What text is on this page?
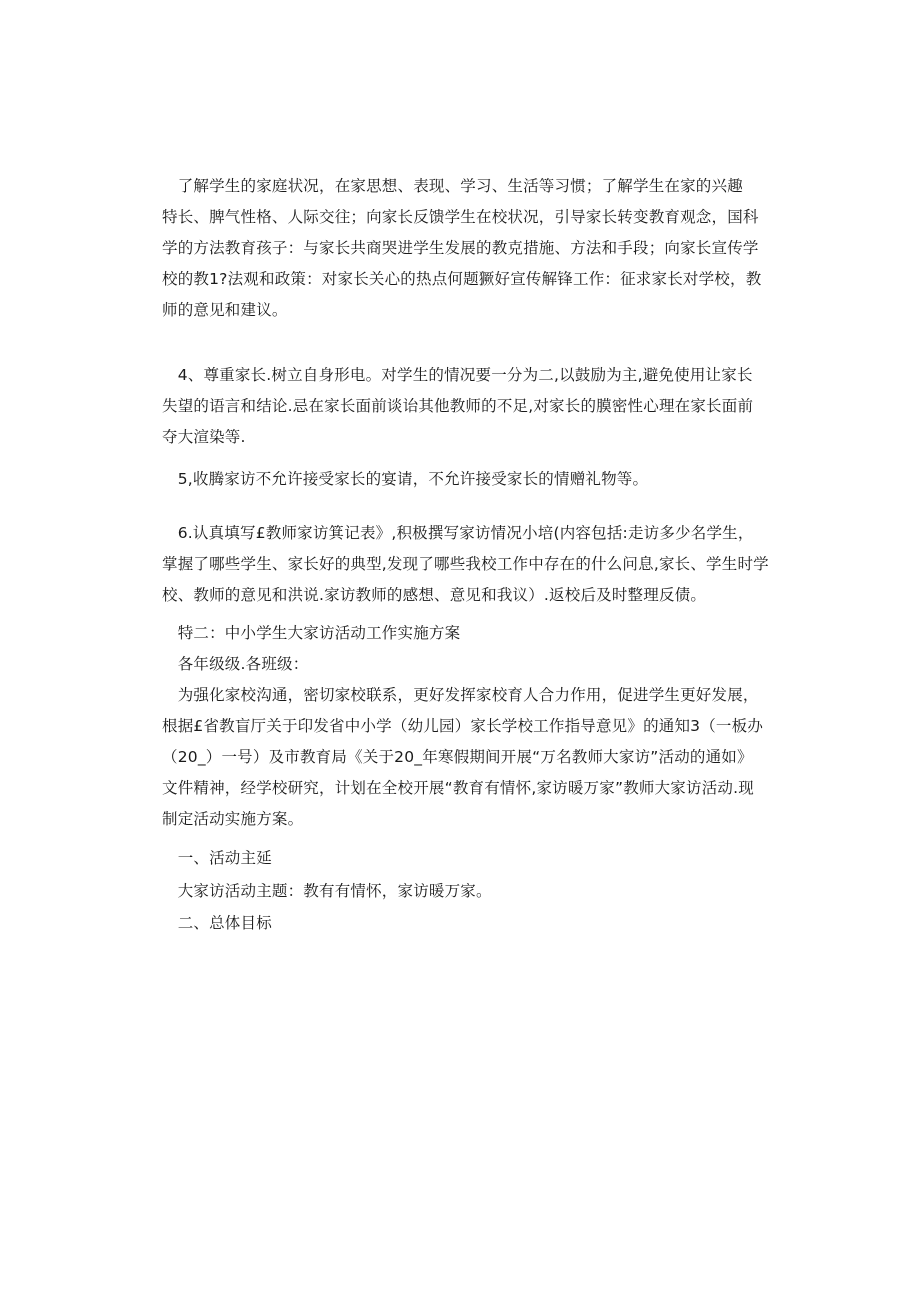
　了解学生的家庭状况，在家思想、表现、学习、生活等习惯；了解学生在家的兴趣
特长、脾气性格、人际交往；向家长反馈学生在校状况，引导家长转变教育观念，国科
学的方法教育孩子：与家长共商哭进学生发展的教克措施、方法和手段；向家长宣传学
校的教1?法观和政策：对家长关心的热点何题獗好宣传解锋工作：征求家长对学校，教
师的意见和建议。
　4、尊重家长.树立自身形电。对学生的情况要一分为二,以鼓励为主,避免使用让家长
失望的语言和结论.忌在家长面前谈诒其他教师的不足,对家长的膜密性心理在家长面前
夺大渲染等.
　5,收腾家访不允许接受家长的宴请，不允许接受家长的情赠礼物等。
　6.认真填写£教师家访箕记表》,积极撰写家访情况小培(内容包括:走访多少名学生，
掌握了哪些学生、家长好的典型,发现了哪些我校工作中存在的什么问息,家长、学生时学
校、教师的意见和洪说.家访教师的感想、意见和我议）.返校后及时整理反债。
　特二：中小学生大家访活动工作实施方案
　各年级级.各班级：
　为强化家校沟通，密切家校联系，更好发挥家校育人合力作用，促进学生更好发展，
根据£省教盲厅关于印发省中小学（幼儿园）家长学校工作指导意见》的通知3（一板办
（20_）一号）及市教育局《关于20_年寒假期间开展“万名教师大家访”活动的通如》
文件精神，经学校研究，计划在全校开展“教育有情怀,家访暖万家”教师大家访活动.现
制定活动实施方案。
　一、活动主延
　大家访活动主题：教有有情怀，家访暖万家。
　二、总体目标
